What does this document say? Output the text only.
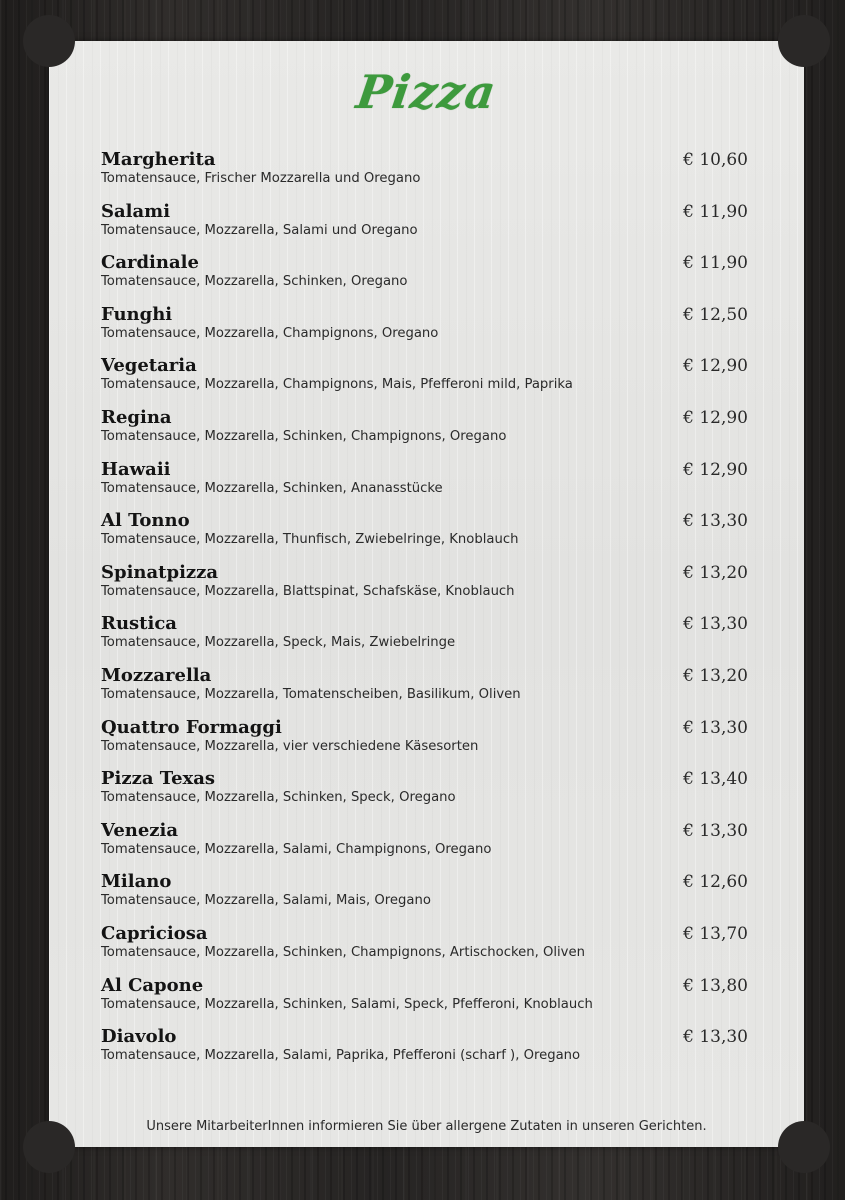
Pizza
Margherita
Tomatensauce, Frischer Mozzarella und Oregano
€ 10,60
Salami
Tomatensauce, Mozzarella, Salami und Oregano
€ 11,90
Cardinale
Tomatensauce, Mozzarella, Schinken, Oregano
€ 11,90
Funghi
Tomatensauce, Mozzarella, Champignons, Oregano
€ 12,50
Vegetaria
Tomatensauce, Mozzarella, Champignons, Mais, Pfefferoni mild, Paprika
€ 12,90
Regina
Tomatensauce, Mozzarella, Schinken, Champignons, Oregano
€ 12,90
Hawaii
Tomatensauce, Mozzarella, Schinken, Ananasstücke
€ 12,90
Al Tonno
Tomatensauce, Mozzarella, Thunfisch, Zwiebelringe, Knoblauch
€ 13,30
Spinatpizza
Tomatensauce, Mozzarella, Blattspinat, Schafskäse, Knoblauch
€ 13,20
Rustica
Tomatensauce, Mozzarella, Speck, Mais, Zwiebelringe
€ 13,30
Mozzarella
Tomatensauce, Mozzarella, Tomatenscheiben, Basilikum, Oliven
€ 13,20
Quattro Formaggi
Tomatensauce, Mozzarella, vier verschiedene Käsesorten
€ 13,30
Pizza Texas
Tomatensauce, Mozzarella, Schinken, Speck, Oregano
€ 13,40
Venezia
Tomatensauce, Mozzarella, Salami, Champignons, Oregano
€ 13,30
Milano
Tomatensauce, Mozzarella, Salami, Mais, Oregano
€ 12,60
Capriciosa
Tomatensauce, Mozzarella, Schinken, Champignons, Artischocken, Oliven
€ 13,70
Al Capone
Tomatensauce, Mozzarella, Schinken, Salami, Speck, Pfefferoni, Knoblauch
€ 13,80
Diavolo
Tomatensauce, Mozzarella, Salami, Paprika, Pfefferoni (scharf ), Oregano
€ 13,30
Unsere MitarbeiterInnen informieren Sie über allergene Zutaten in unseren Gerichten.
